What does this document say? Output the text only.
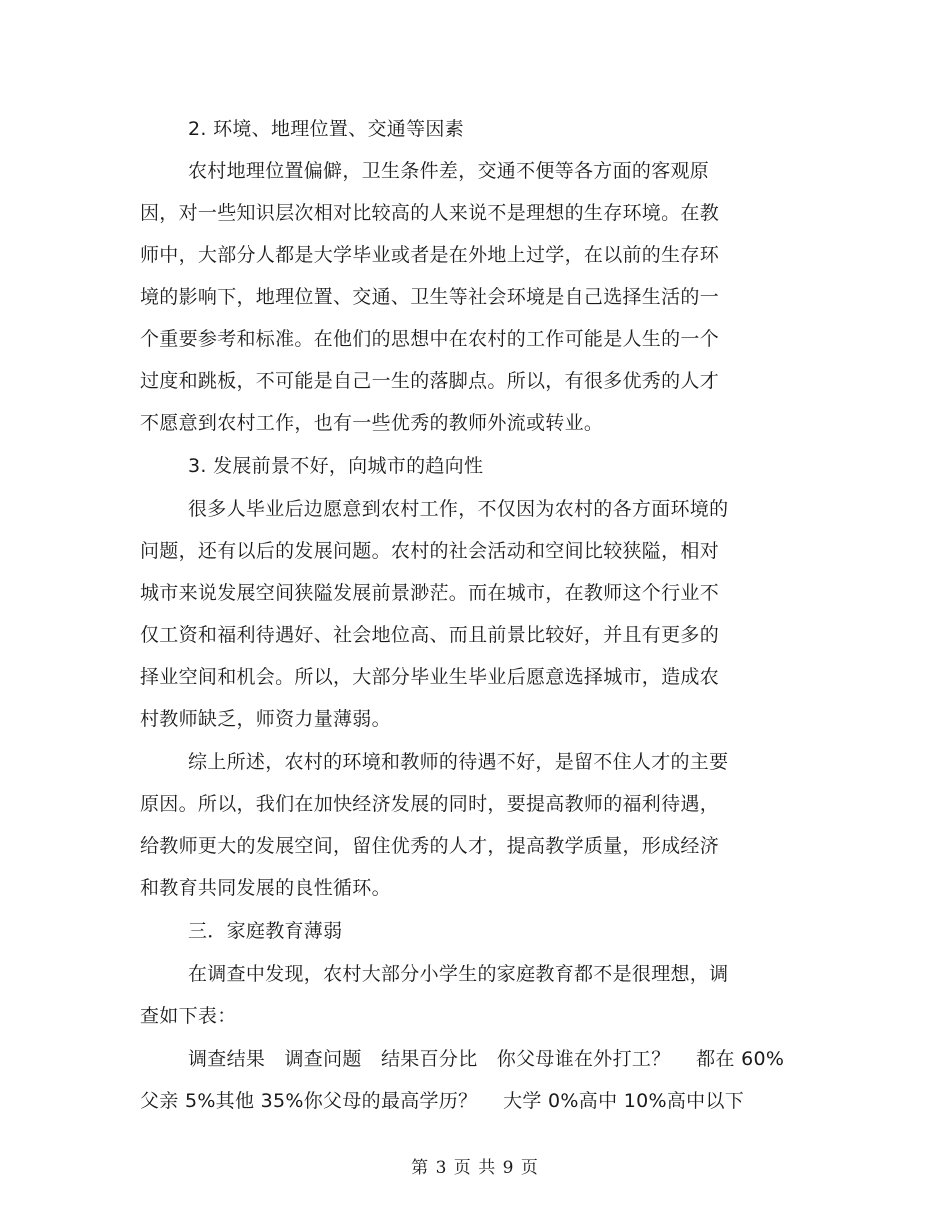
2. 环境、地理位置、交通等因素
农村地理位置偏僻，卫生条件差，交通不便等各方面的客观原
因，对一些知识层次相对比较高的人来说不是理想的生存环境。在教
师中，大部分人都是大学毕业或者是在外地上过学，在以前的生存环
境的影响下，地理位置、交通、卫生等社会环境是自己选择生活的一
个重要参考和标准。在他们的思想中在农村的工作可能是人生的一个
过度和跳板，不可能是自己一生的落脚点。所以，有很多优秀的人才
不愿意到农村工作，也有一些优秀的教师外流或转业。
3. 发展前景不好，向城市的趋向性
很多人毕业后边愿意到农村工作，不仅因为农村的各方面环境的
问题，还有以后的发展问题。农村的社会活动和空间比较狭隘，相对
城市来说发展空间狭隘发展前景渺茫。而在城市，在教师这个行业不
仅工资和福利待遇好、社会地位高、而且前景比较好，并且有更多的
择业空间和机会。所以，大部分毕业生毕业后愿意选择城市，造成农
村教师缺乏，师资力量薄弱。
综上所述，农村的环境和教师的待遇不好，是留不住人才的主要
原因。所以，我们在加快经济发展的同时，要提高教师的福利待遇，
给教师更大的发展空间，留住优秀的人才，提高教学质量，形成经济
和教育共同发展的良性循环。
三．家庭教育薄弱
在调查中发现，农村大部分小学生的家庭教育都不是很理想，调
查如下表：
调查结果　调查问题　结果百分比　你父母谁在外打工？　 都在 60%
父亲 5%其他 35%你父母的最高学历？　 大学 0%高中 10%高中以下
第 3 页 共 9 页
